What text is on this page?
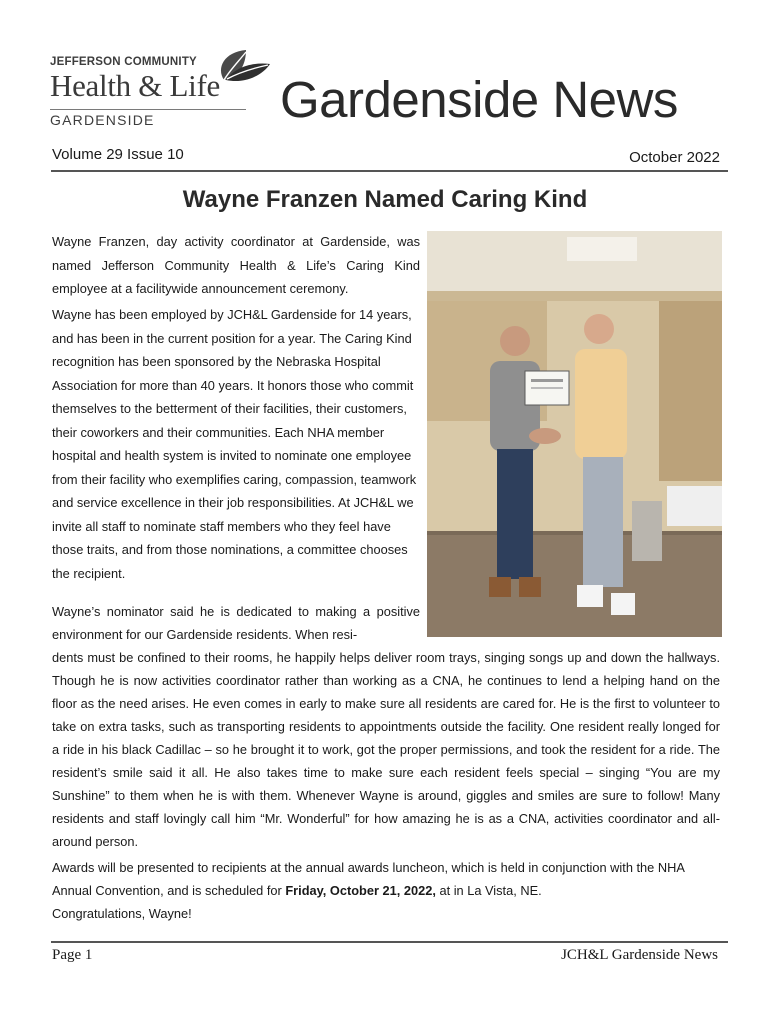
JEFFERSON COMMUNITY
Health & Life
GARDENSIDE Gardenside News
Volume 29 Issue 10	October 2022
Wayne Franzen Named Caring Kind
Wayne Franzen, day activity coordinator at Gardenside, was named Jefferson Community Health & Life’s Caring Kind employee at a facilitywide announcement ceremony.
Wayne has been employed by JCH&L Gardenside for 14 years, and has been in the current position for a year. The Caring Kind recognition has been sponsored by the Nebraska Hospital Association for more than 40 years. It honors those who commit themselves to the betterment of their facilities, their customers, their coworkers and their communities. Each NHA member hospital and health system is invited to nominate one employee from their facility who exemplifies caring, compassion, teamwork and service excellence in their job responsibilities. At JCH&L we invite all staff to nominate staff members who they feel have those traits, and from those nominations, a committee chooses the recipient.
Wayne’s nominator said he is dedicated to making a positive environment for our Gardenside residents. When resi-
dents must be confined to their rooms, he happily helps deliver room trays, singing songs up and down the hallways. Though he is now activities coordinator rather than working as a CNA, he continues to lend a helping hand on the floor as the need arises. He even comes in early to make sure all residents are cared for. He is the first to volunteer to take on extra tasks, such as transporting residents to appointments outside the facility. One resident really longed for a ride in his black Cadillac – so he brought it to work, got the proper permissions, and took the resident for a ride. The resident’s smile said it all. He also takes time to make sure each resident feels special – singing “You are my Sunshine” to them when he is with them. Whenever Wayne is around, giggles and smiles are sure to follow! Many residents and staff lovingly call him “Mr. Wonderful” for how amazing he is as a CNA, activities coordinator and all-around person.
Awards will be presented to recipients at the annual awards luncheon, which is held in conjunction with the NHA Annual Convention, and is scheduled for Friday, October 21, 2022, at in La Vista, NE.
Congratulations, Wayne!
Page 1	JCH&L Gardenside News
